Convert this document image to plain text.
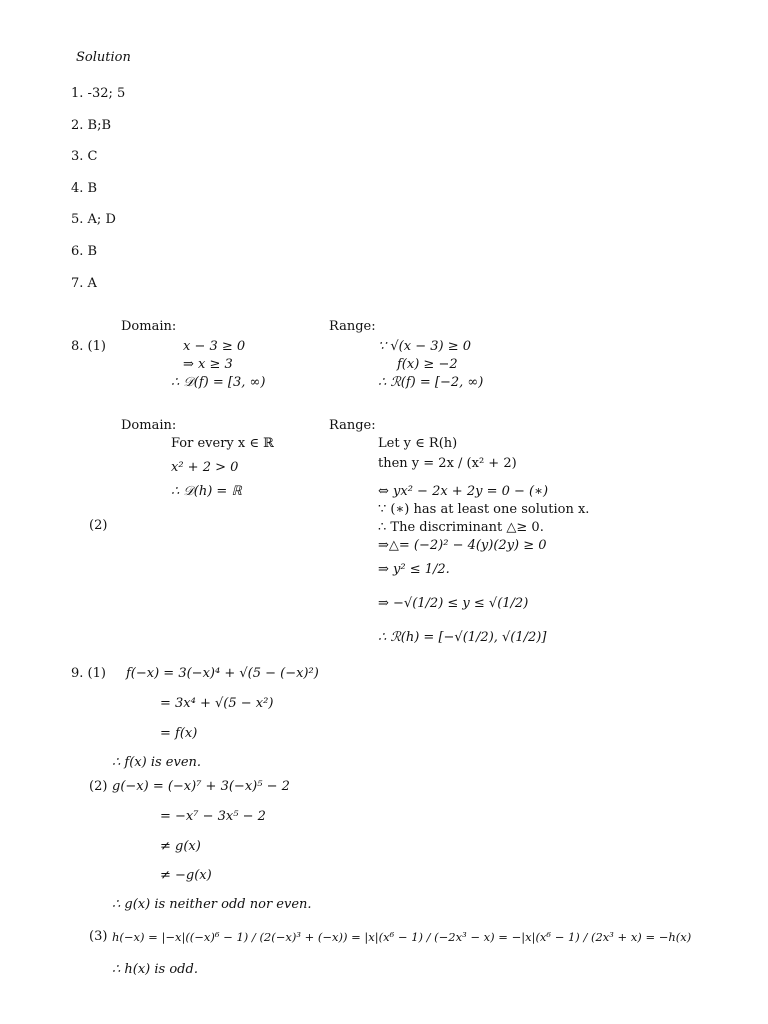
Solution
1. -32; 5
2. B;B
3. C
4. B
5. A; D
6. B
7. A
Domain:	Range:
8. (1)	x − 3 ≥ 0
⇒ x ≥ 3
∴ 𝒟(f) = [3, ∞)
∵ √(x − 3) ≥ 0
f(x) ≥ −2
∴ ℛ(f) = [−2, ∞)
Domain:	Range:
For every x ∈ ℝ
x² + 2 > 0
∴ 𝒟(h) = ℝ
(2)
Let y ∈ R(h)
then y = 2x / (x² + 2)
⇔ yx² − 2x + 2y = 0 − (∗)
∵ (∗) has at least one solution x.
∴ The discriminant △≥ 0.
⇒△= (−2)² − 4(y)(2y) ≥ 0
⇒ y² ≤ 1/2.
⇒ −√(1/2) ≤ y ≤ √(1/2)
∴ ℛ(h) = [−√(1/2), √(1/2)]
9. (1) f(−x) = 3(−x)⁴ + √(5 − (−x)²)
= 3x⁴ + √(5 − x²)
= f(x)
∴ f(x) is even.
(2) g(−x) = (−x)⁷ + 3(−x)⁵ − 2
= −x⁷ − 3x⁵ − 2
≠ g(x)
≠ −g(x)
∴ g(x) is neither odd nor even.
(3) h(−x) = |−x|((−x)⁶ − 1) / (2(−x)³ + (−x)) = |x|(x⁶ − 1) / (−2x³ − x) = −|x|(x⁶ − 1) / (2x³ + x) = −h(x)
∴ h(x) is odd.
